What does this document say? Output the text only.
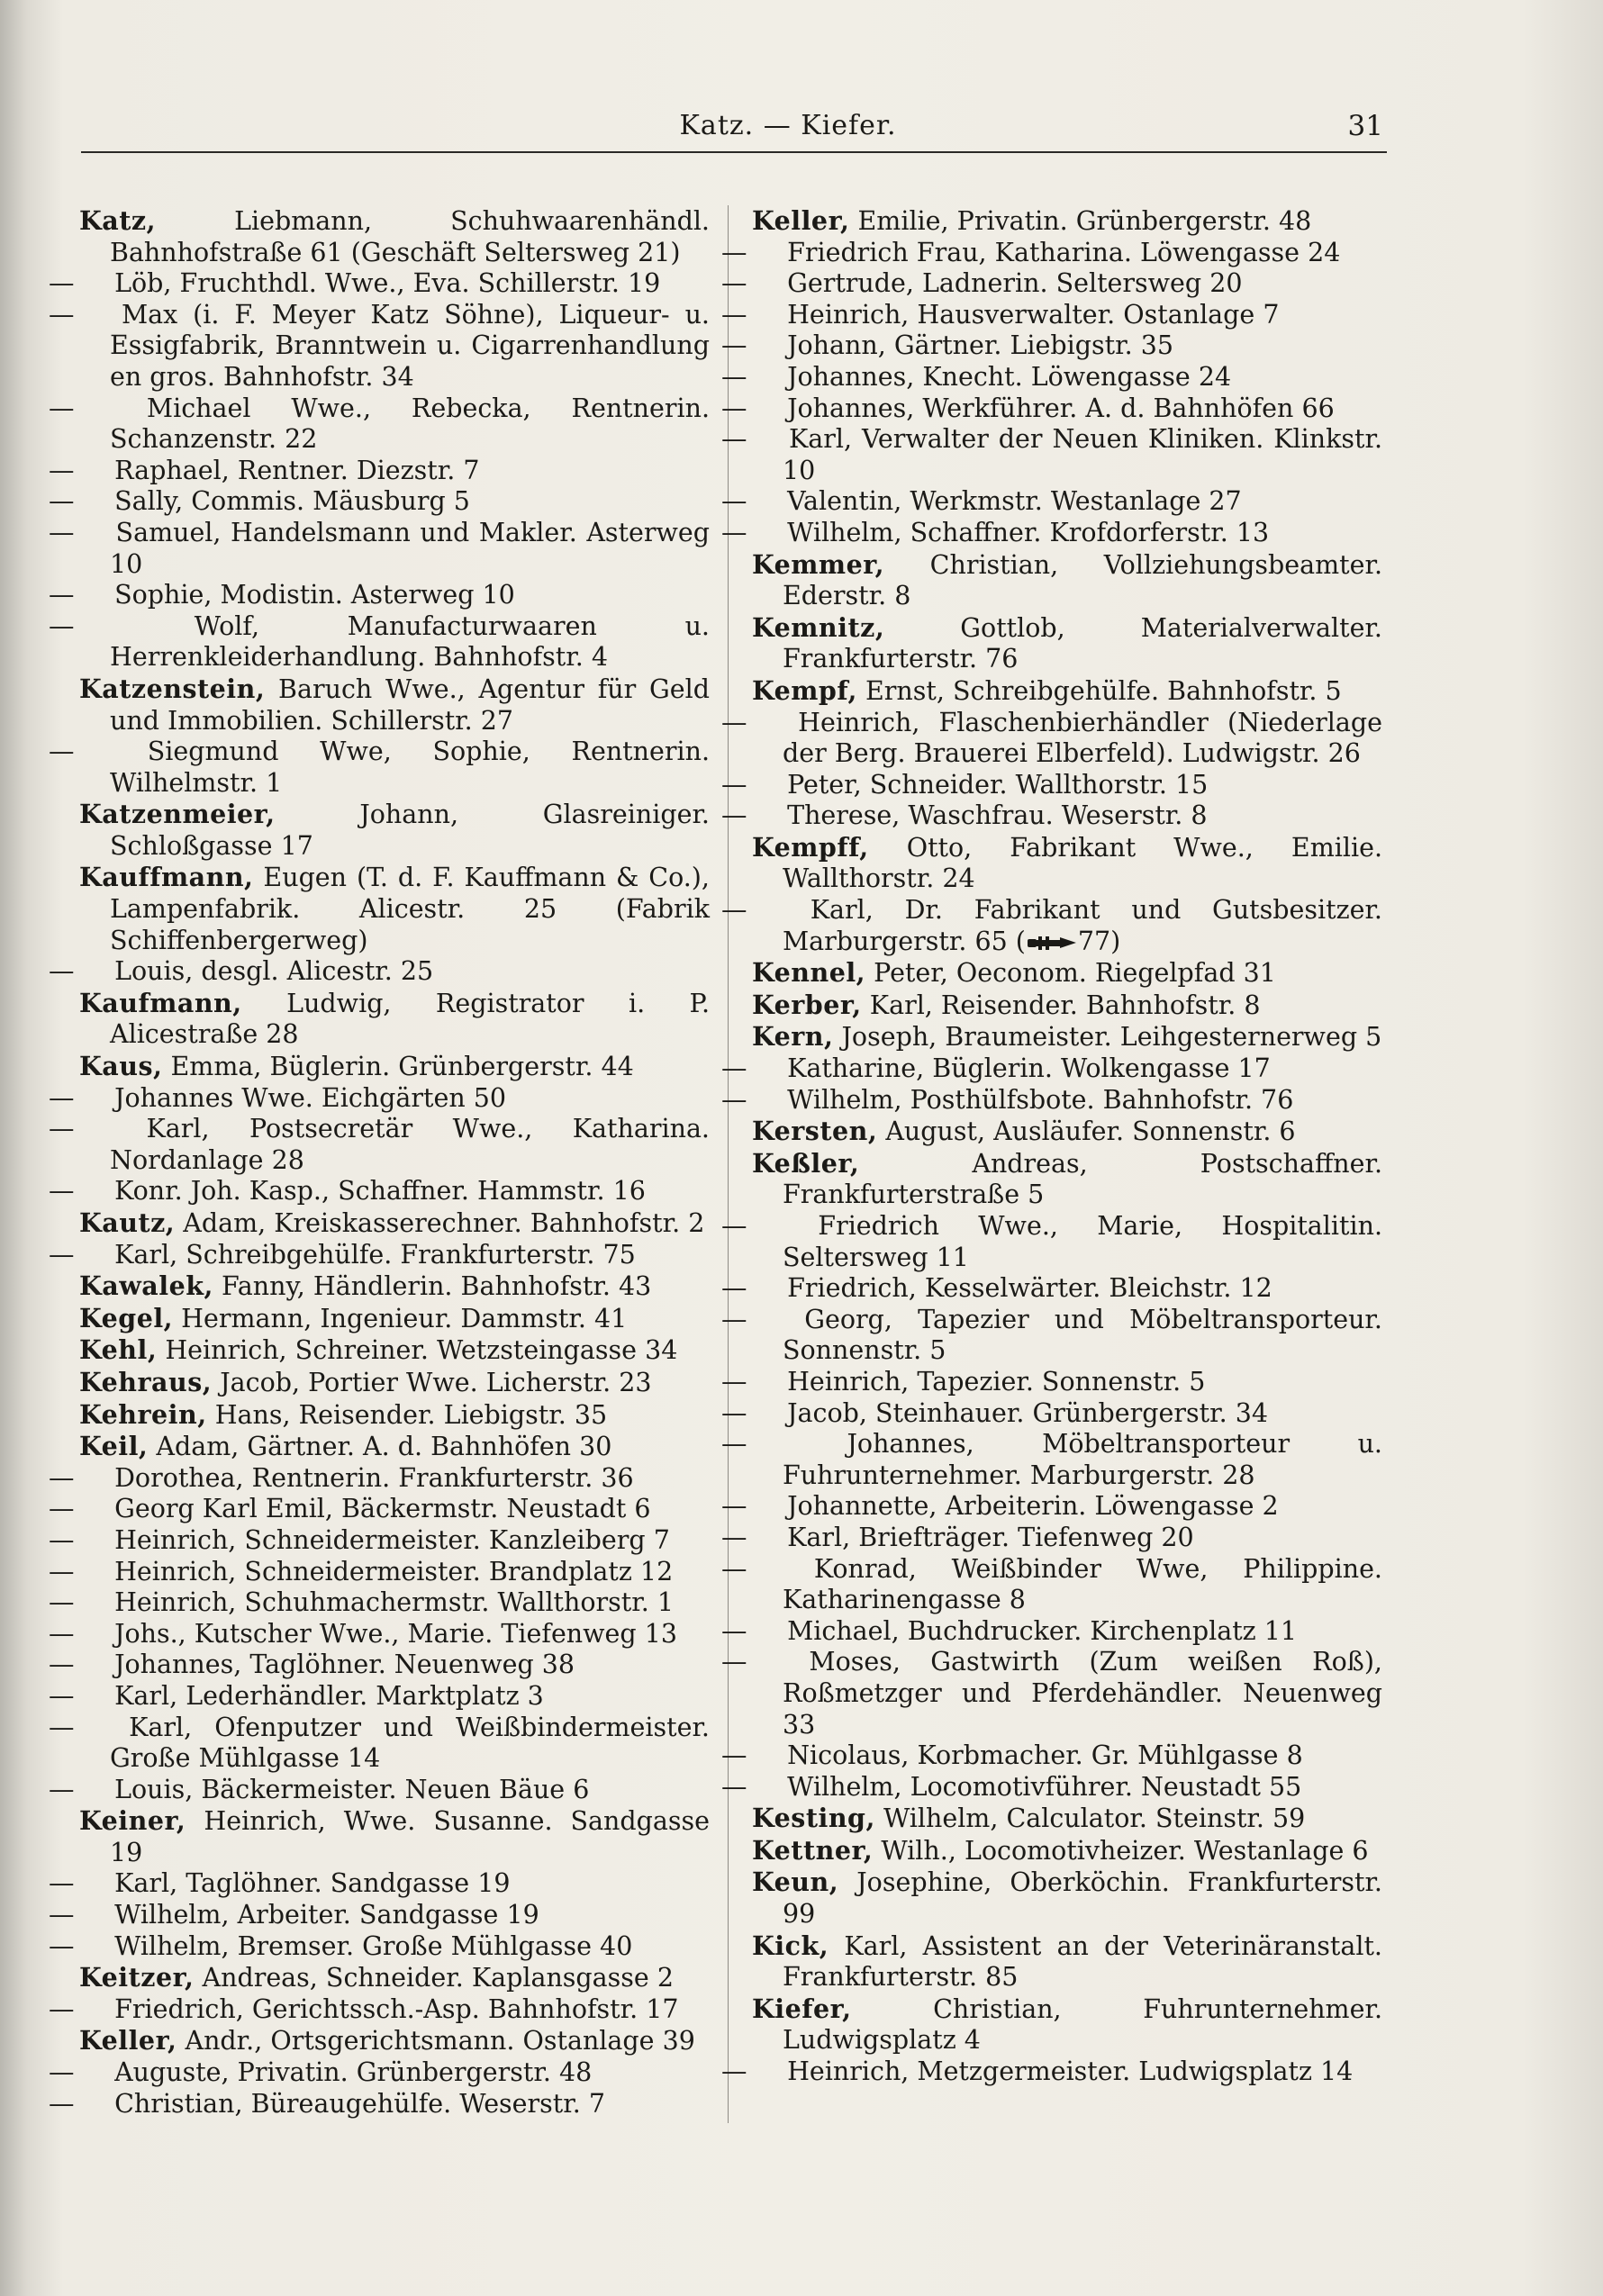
Katz. — Kiefer.	31
Katz,	Liebmann, Schuhwaarenhändl. Bahnhofstraße 61 (Geschäft Seltersweg 21)
— Löb, Fruchthdl. Wwe., Eva. Schillerstr. 19
— Max (i. F. Meyer Katz Söhne), Liqueur- u. Essigfabrik, Branntwein u. Cigarrenhandlung en gros. Bahnhofstr. 34
—	Michael Wwe., Rebecka, Rentnerin. Schanzenstr. 22
— Raphael, Rentner. Diezstr. 7
— Sally, Commis. Mäusburg 5
— Samuel, Handelsmann und Makler. Asterweg 10
— Sophie, Modistin. Asterweg 10
—	Wolf, Manufacturwaaren u. Herrenkleiderhandlung. Bahnhofstr. 4
Katzenstein, Baruch Wwe., Agentur für Geld und Immobilien. Schillerstr. 27
—	Siegmund Wwe, Sophie, Rentnerin. Wilhelmstr. 1
Katzenmeier,	Johann, Glasreiniger. Schloßgasse 17
Kauffmann, Eugen (T. d. F. Kauffmann & Co.), Lampenfabrik. Alicestr. 25 (Fabrik Schiffenbergerweg)
— Louis, desgl. Alicestr. 25
Kaufmann, Ludwig, Registrator i. P. Alicestraße 28
Kaus, Emma, Büglerin. Grünbergerstr. 44
— Johannes Wwe. Eichgärten 50
—	Karl, Postsecretär Wwe., Katharina. Nordanlage 28
— Konr. Joh. Kasp., Schaffner. Hammstr. 16
Kautz, Adam, Kreiskasserechner. Bahnhofstr. 2
— Karl, Schreibgehülfe. Frankfurterstr. 75
Kawalek, Fanny, Händlerin. Bahnhofstr. 43
Kegel, Hermann, Ingenieur. Dammstr. 41
Kehl, Heinrich, Schreiner. Wetzsteingasse 34
Kehraus, Jacob, Portier Wwe. Licherstr. 23
Kehrein, Hans, Reisender. Liebigstr. 35
Keil, Adam, Gärtner. A. d. Bahnhöfen 30
— Dorothea, Rentnerin. Frankfurterstr. 36
— Georg Karl Emil, Bäckermstr. Neustadt 6
— Heinrich, Schneidermeister. Kanzleiberg 7
— Heinrich, Schneidermeister. Brandplatz 12
— Heinrich, Schuhmachermstr. Wallthorstr. 1
— Johs., Kutscher Wwe., Marie. Tiefenweg 13
— Johannes, Taglöhner. Neuenweg 38
— Karl, Lederhändler. Marktplatz 3
— Karl, Ofenputzer und Weißbindermeister. Große Mühlgasse 14
— Louis, Bäckermeister. Neuen Bäue 6
Keiner, Heinrich, Wwe. Susanne. Sandgasse 19
— Karl, Taglöhner. Sandgasse 19
— Wilhelm, Arbeiter. Sandgasse 19
— Wilhelm, Bremser. Große Mühlgasse 40
Keitzer, Andreas, Schneider. Kaplansgasse 2
— Friedrich, Gerichtssch.-Asp. Bahnhofstr. 17
Keller, Andr., Ortsgerichtsmann. Ostanlage 39
— Auguste, Privatin. Grünbergerstr. 48
— Christian, Büreaugehülfe. Weserstr. 7
Keller, Emilie, Privatin. Grünbergerstr. 48
— Friedrich Frau, Katharina. Löwengasse 24
— Gertrude, Ladnerin. Seltersweg 20
— Heinrich, Hausverwalter. Ostanlage 7
— Johann, Gärtner. Liebigstr. 35
— Johannes, Knecht. Löwengasse 24
— Johannes, Werkführer. A. d. Bahnhöfen 66
— Karl, Verwalter der Neuen Kliniken. Klinkstr. 10
— Valentin, Werkmstr. Westanlage 27
— Wilhelm, Schaffner. Krofdorferstr. 13
Kemmer, Christian, Vollziehungsbeamter. Ederstr. 8
Kemnitz,	Gottlob, Materialverwalter. Frankfurterstr. 76
Kempf, Ernst, Schreibgehülfe. Bahnhofstr. 5
— Heinrich, Flaschenbierhändler (Niederlage der Berg. Brauerei Elberfeld). Ludwigstr. 26
— Peter, Schneider. Wallthorstr. 15
— Therese, Waschfrau. Weserstr. 8
Kempff, Otto, Fabrikant Wwe., Emilie. Wallthorstr. 24
— Karl, Dr. Fabrikant und Gutsbesitzer. Marburgerstr. 65 ( 77)
Kennel, Peter, Oeconom. Riegelpfad 31
Kerber, Karl, Reisender. Bahnhofstr. 8
Kern, Joseph, Braumeister. Leihgesternerweg 5
— Katharine, Büglerin. Wolkengasse 17
— Wilhelm, Posthülfsbote. Bahnhofstr. 76
Kersten, August, Ausläufer. Sonnenstr. 6
Keßler,	Andreas, Postschaffner. Frankfurterstraße 5
—	Friedrich Wwe., Marie, Hospitalitin. Seltersweg 11
— Friedrich, Kesselwärter. Bleichstr. 12
— Georg, Tapezier und Möbeltransporteur. Sonnenstr. 5
— Heinrich, Tapezier. Sonnenstr. 5
— Jacob, Steinhauer. Grünbergerstr. 34
—	Johannes, Möbeltransporteur u. Fuhrunternehmer. Marburgerstr. 28
— Johannette, Arbeiterin. Löwengasse 2
— Karl, Briefträger. Tiefenweg 20
—	Konrad, Weißbinder Wwe, Philippine. Katharinengasse 8
— Michael, Buchdrucker. Kirchenplatz 11
— Moses, Gastwirth (Zum weißen Roß), Roßmetzger und Pferdehändler. Neuenweg 33
— Nicolaus, Korbmacher. Gr. Mühlgasse 8
— Wilhelm, Locomotivführer. Neustadt 55
Kesting, Wilhelm, Calculator. Steinstr. 59
Kettner, Wilh., Locomotivheizer. Westanlage 6
Keun, Josephine, Oberköchin. Frankfurterstr. 99
Kick, Karl, Assistent an der Veterinäranstalt. Frankfurterstr. 85
Kiefer,	Christian, Fuhrunternehmer. Ludwigsplatz 4
— Heinrich, Metzgermeister. Ludwigsplatz 14
